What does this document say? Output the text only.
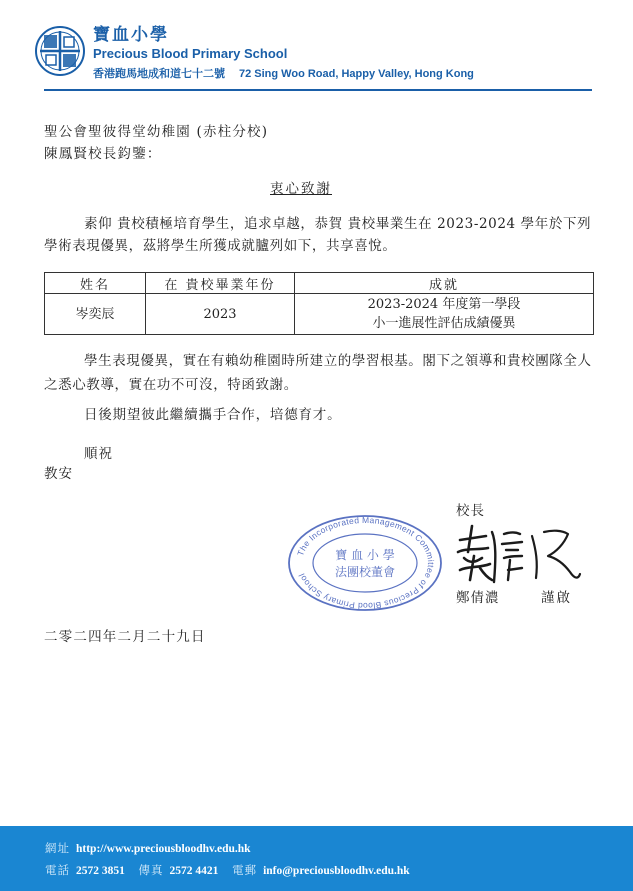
寶血小學
Precious Blood Primary School
香港跑馬地成和道七十二號 72 Sing Woo Road, Happy Valley, Hong Kong
聖公會聖彼得堂幼稚園 (赤柱分校)
陳鳳賢校長鈞鑒：
衷心致謝
素仰 貴校積極培育學生，追求卓越，恭賀 貴校畢業生在 2023-2024 學年於下列學術表現優異，茲將學生所獲成就臚列如下，共享喜悅。
姓名	在 貴校畢業年份	成就
岑奕辰	2023	2023-2024 年度第一學段
小一進展性評估成績優異
學生表現優異，實在有賴幼稚園時所建立的學習根基。閣下之領導和貴校團隊全人之悉心教導，實在功不可沒，特函致謝。
日後期望彼此繼續攜手合作，培德育才。
順祝
教安
校長
The Incorporated Management Committee of Precious Blood Primary School
寶 血 小 學
法團校董會
鄭倩濃	謹啟
二零二四年二月二十九日
網址 http://www.preciousbloodhv.edu.hk
電話 2572 3851 傳真 2572 4421 電郵 info@preciousbloodhv.edu.hk
